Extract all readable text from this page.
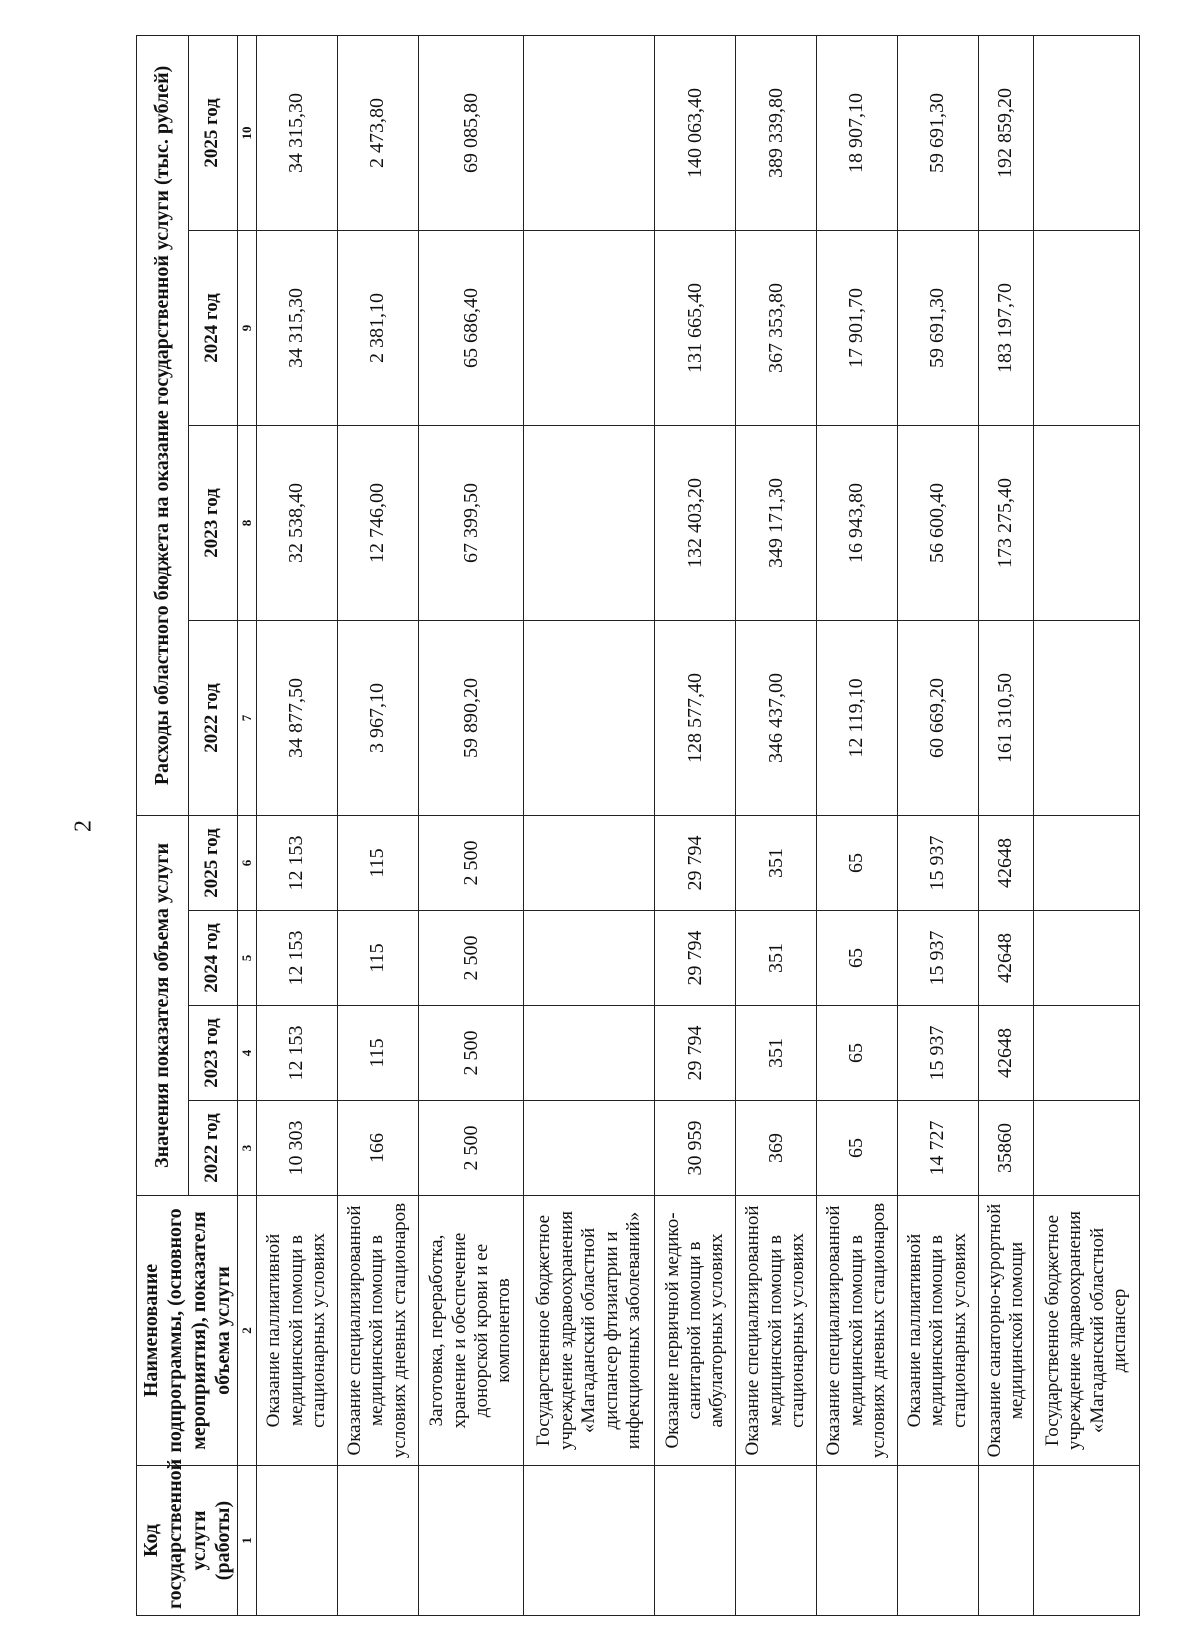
2
Код государственной услуги (работы)	Наименование подпрограммы, (основного мероприятия), показателя объема услуги	Значения показателя объема услуги				Расходы областного бюджета на оказание государственной услуги (тыс. рублей)			
		2022 год	2023 год	2024 год	2025 год	2022 год	2023 год	2024 год	2025 год
1	2	3	4	5	6	7	8	9	10
	Оказание паллиативной медицинской помощи в стационарных условиях	10 303	12 153	12 153	12 153	34 877,50	32 538,40	34 315,30	34 315,30
	Оказание специализированной медицинской помощи в условиях дневных стационаров	166	115	115	115	3 967,10	12 746,00	2 381,10	2 473,80
	Заготовка, переработка, хранение и обеспечение донорской крови и ее компонентов	2 500	2 500	2 500	2 500	59 890,20	67 399,50	65 686,40	69 085,80
	Государственное бюджетное учреждение здравоохранения «Магаданский областной диспансер фтизиатрии и инфекционных заболеваний»								
	Оказание первичной медико-санитарной помощи в амбулаторных условиях	30 959	29 794	29 794	29 794	128 577,40	132 403,20	131 665,40	140 063,40
	Оказание специализированной медицинской помощи в стационарных условиях	369	351	351	351	346 437,00	349 171,30	367 353,80	389 339,80
	Оказание специализированной медицинской помощи в условиях дневных стационаров	65	65	65	65	12 119,10	16 943,80	17 901,70	18 907,10
	Оказание паллиативной медицинской помощи в стационарных условиях	14 727	15 937	15 937	15 937	60 669,20	56 600,40	59 691,30	59 691,30
	Оказание санаторно-курортной медицинской помощи	35860	42648	42648	42648	161 310,50	173 275,40	183 197,70	192 859,20
	Государственное бюджетное учреждение здравоохранения «Магаданский областной диспансер								
